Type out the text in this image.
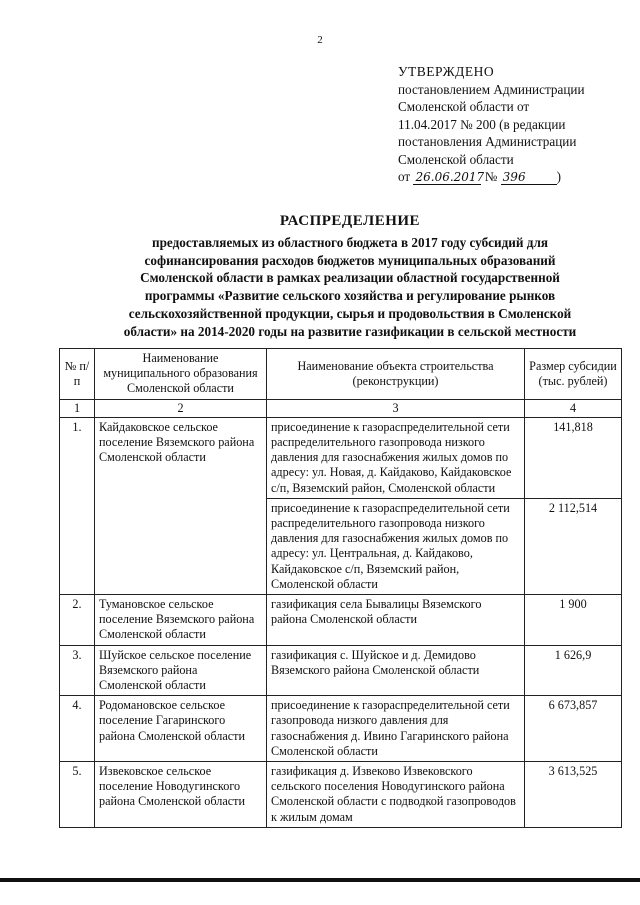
2
УТВЕРЖДЕНО
постановлением Администрации
Смоленской области от
11.04.2017 № 200 (в редакции
постановления Администрации
Смоленской области
от 26.06.2017 № 396 )
РАСПРЕДЕЛЕНИЕ
предоставляемых из областного бюджета в 2017 году субсидий для
софинансирования расходов бюджетов муниципальных образований
Смоленской области в рамках реализации областной государственной
программы «Развитие сельского хозяйства и регулирование рынков
сельскохозяйственной продукции, сырья и продовольствия в Смоленской
области» на 2014-2020 годы на развитие газификации в сельской местности
№ п/п	Наименование муниципального образования Смоленской области	Наименование объекта строительства (реконструкции)	Размер субсидии (тыс. рублей)
1	2	3	4
1.	Кайдаковское сельское поселение Вяземского района Смоленской области	присоединение к газораспределительной сети распределительного газопровода низкого давления для газоснабжения жилых домов по адресу: ул. Новая, д. Кайдаково, Кайдаковское с/п, Вяземский район, Смоленской области	141,818
		присоединение к газораспределительной сети распределительного газопровода низкого давления для газоснабжения жилых домов по адресу: ул. Центральная, д. Кайдаково, Кайдаковское с/п, Вяземский район, Смоленской области	2 112,514
2.	Тумановское сельское поселение Вяземского района Смоленской области	газификация села Бывалицы Вяземского района Смоленской области	1 900
3.	Шуйское сельское поселение Вяземского района Смоленской области	газификация с. Шуйское и д. Демидово Вяземского района Смоленской области	1 626,9
4.	Родомановское сельское поселение Гагаринского района Смоленской области	присоединение к газораспределительной сети газопровода низкого давления для газоснабжения д. Ивино Гагаринского района Смоленской области	6 673,857
5.	Извековское сельское поселение Новодугинского района Смоленской области	газификация д. Извеково Извековского сельского поселения Новодугинского района Смоленской области с подводкой газопроводов к жилым домам	3 613,525
